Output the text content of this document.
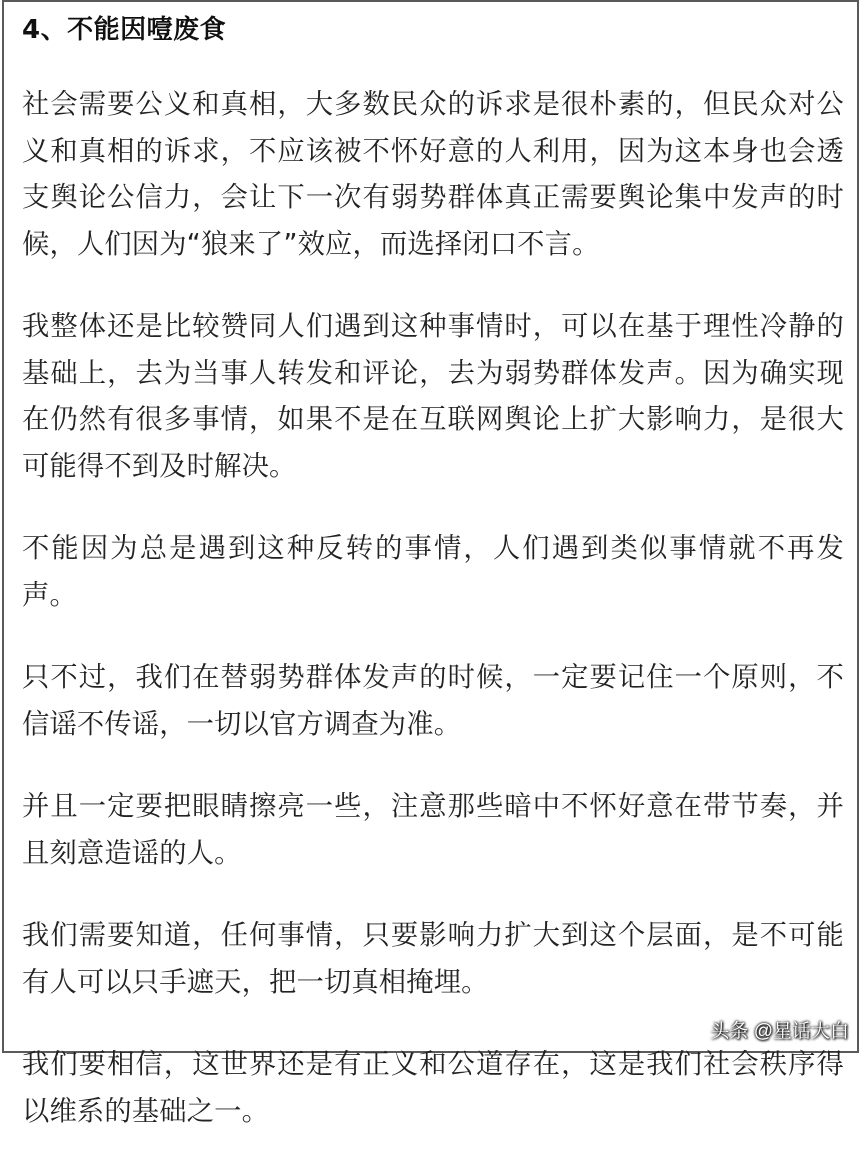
4、不能因噎废食

社会需要公义和真相，大多数民众的诉求是很朴素的，但民众对公义和真相的诉求，不应该被不怀好意的人利用，因为这本身也会透支舆论公信力，会让下一次有弱势群体真正需要舆论集中发声的时候，人们因为“狼来了”效应，而选择闭口不言。

我整体还是比较赞同人们遇到这种事情时，可以在基于理性冷静的基础上，去为当事人转发和评论，去为弱势群体发声。因为确实现在仍然有很多事情，如果不是在互联网舆论上扩大影响力，是很大可能得不到及时解决。

不能因为总是遇到这种反转的事情，人们遇到类似事情就不再发声。

只不过，我们在替弱势群体发声的时候，一定要记住一个原则，不信谣不传谣，一切以官方调查为准。

并且一定要把眼睛擦亮一些，注意那些暗中不怀好意在带节奏，并且刻意造谣的人。

我们需要知道，任何事情，只要影响力扩大到这个层面，是不可能有人可以只手遮天，把一切真相掩埋。

我们要相信，这世界还是有正义和公道存在，这是我们社会秩序得以维系的基础之一。

头条 @星话大白
